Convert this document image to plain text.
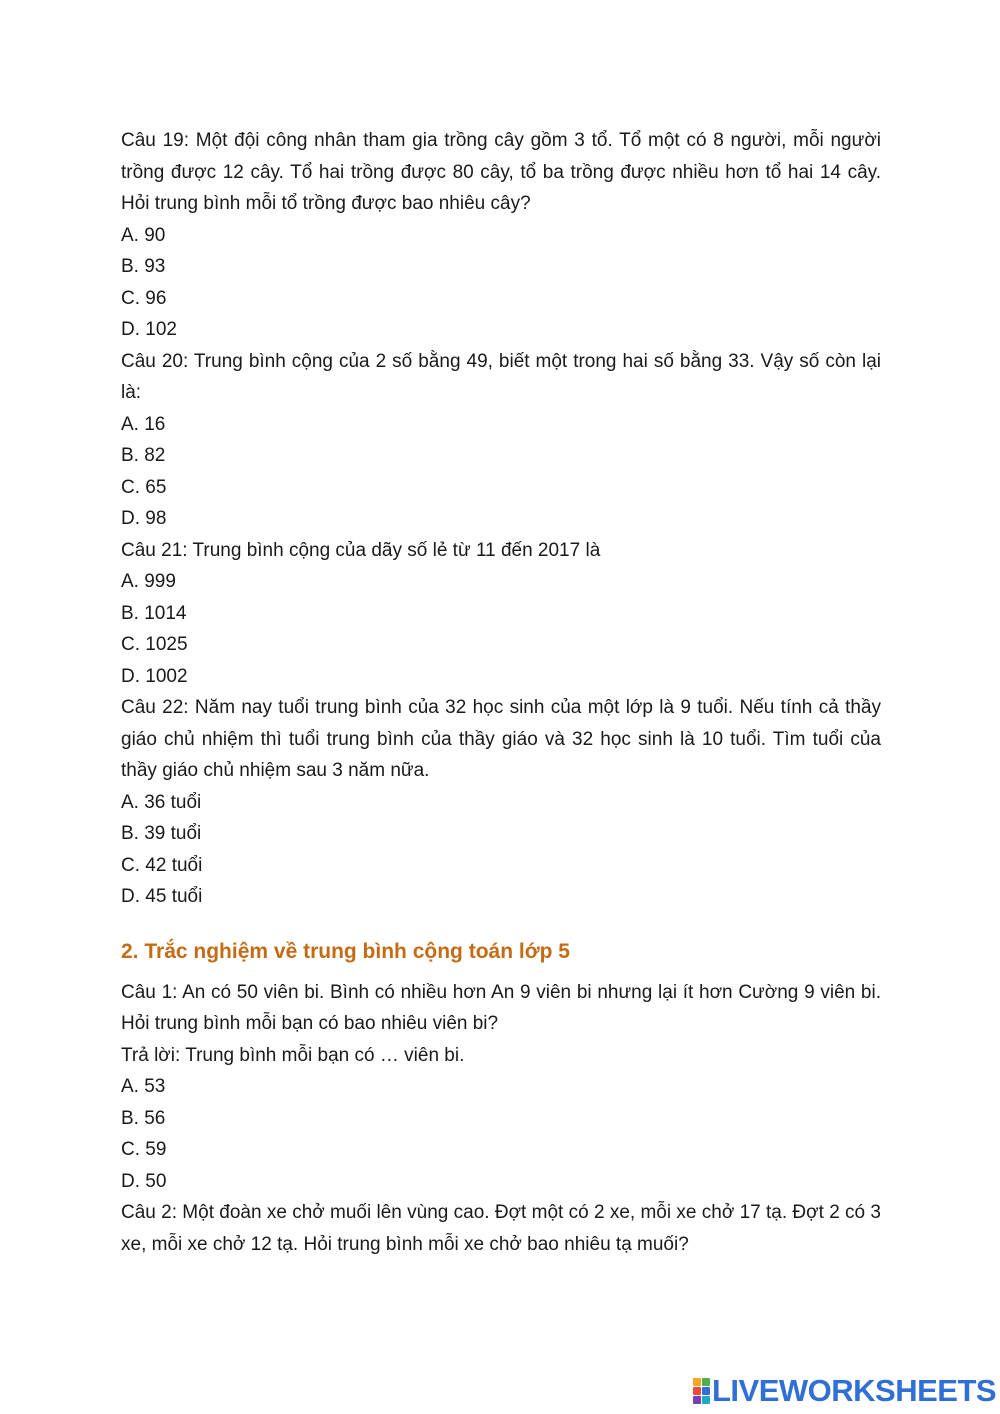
Câu 19: Một đội công nhân tham gia trồng cây gồm 3 tổ. Tổ một có 8 người, mỗi người trồng được 12 cây. Tổ hai trồng được 80 cây, tổ ba trồng được nhiều hơn tổ hai 14 cây. Hỏi trung bình mỗi tổ trồng được bao nhiêu cây?
A. 90
B. 93
C. 96
D. 102
Câu 20: Trung bình cộng của 2 số bằng 49, biết một trong hai số bằng 33. Vậy số còn lại là:
A. 16
B. 82
C. 65
D. 98
Câu 21: Trung bình cộng của dãy số lẻ từ 11 đến 2017 là
A. 999
B. 1014
C. 1025
D. 1002
Câu 22: Năm nay tuổi trung bình của 32 học sinh của một lớp là 9 tuổi. Nếu tính cả thầy giáo chủ nhiệm thì tuổi trung bình của thầy giáo và 32 học sinh là 10 tuổi. Tìm tuổi của thầy giáo chủ nhiệm sau 3 năm nữa.
A. 36 tuổi
B. 39 tuổi
C. 42 tuổi
D. 45 tuổi
2. Trắc nghiệm về trung bình cộng toán lớp 5
Câu 1: An có 50 viên bi. Bình có nhiều hơn An 9 viên bi nhưng lại ít hơn Cường 9 viên bi. Hỏi trung bình mỗi bạn có bao nhiêu viên bi?
Trả lời: Trung bình mỗi bạn có … viên bi.
A. 53
B. 56
C. 59
D. 50
Câu 2: Một đoàn xe chở muối lên vùng cao. Đợt một có 2 xe, mỗi xe chở 17 tạ. Đợt 2 có 3 xe, mỗi xe chở 12 tạ. Hỏi trung bình mỗi xe chở bao nhiêu tạ muối?
LIVEWORKSHEETS
